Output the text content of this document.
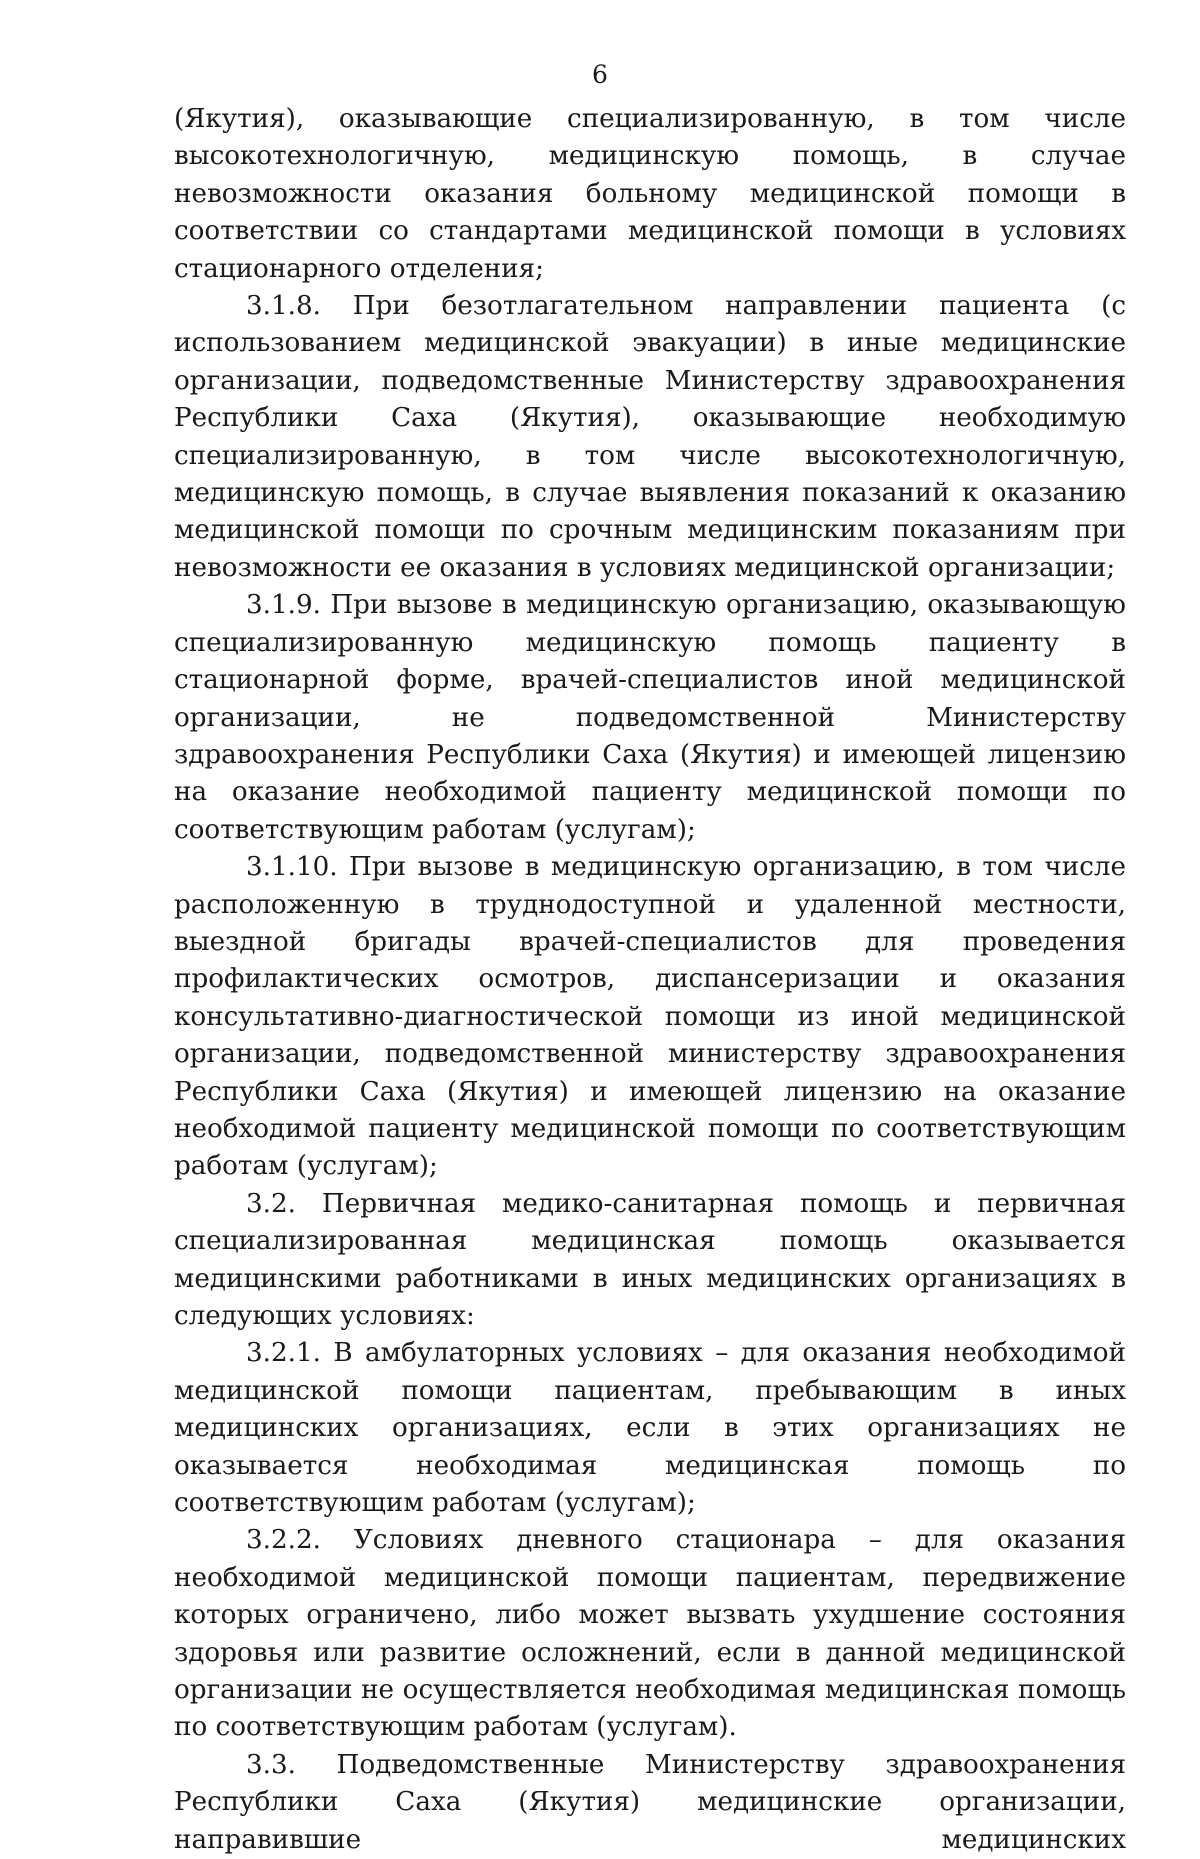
6

(Якутия), оказывающие специализированную, в том числе высокотехнологичную, медицинскую помощь, в случае невозможности оказания больному медицинской помощи в соответствии со стандартами медицинской помощи в условиях стационарного отделения;

3.1.8. При безотлагательном направлении пациента (с использованием медицинской эвакуации) в иные медицинские организации, подведомственные Министерству здравоохранения Республики Саха (Якутия), оказывающие необходимую специализированную, в том числе высокотехнологичную, медицинскую помощь, в случае выявления показаний к оказанию медицинской помощи по срочным медицинским показаниям при невозможности ее оказания в условиях медицинской организации;

3.1.9. При вызове в медицинскую организацию, оказывающую специализированную медицинскую помощь пациенту в стационарной форме, врачей-специалистов иной медицинской организации, не подведомственной Министерству здравоохранения Республики Саха (Якутия) и имеющей лицензию на оказание необходимой пациенту медицинской помощи по соответствующим работам (услугам);

3.1.10. При вызове в медицинскую организацию, в том числе расположенную в труднодоступной и удаленной местности, выездной бригады врачей-специалистов для проведения профилактических осмотров, диспансеризации и оказания консультативно-диагностической помощи из иной медицинской организации, подведомственной министерству здравоохранения Республики Саха (Якутия) и имеющей лицензию на оказание необходимой пациенту медицинской помощи по соответствующим работам (услугам);

3.2. Первичная медико-санитарная помощь и первичная специализированная медицинская помощь оказывается медицинскими работниками в иных медицинских организациях в следующих условиях:

3.2.1. В амбулаторных условиях – для оказания необходимой медицинской помощи пациентам, пребывающим в иных медицинских организациях, если в этих организациях не оказывается необходимая медицинская помощь по соответствующим работам (услугам);

3.2.2. Условиях дневного стационара – для оказания необходимой медицинской помощи пациентам, передвижение которых ограничено, либо может вызвать ухудшение состояния здоровья или развитие осложнений, если в данной медицинской организации не осуществляется необходимая медицинская помощь по соответствующим работам (услугам).

3.3. Подведомственные Министерству здравоохранения Республики Саха (Якутия) медицинские организации, направившие медицинских
